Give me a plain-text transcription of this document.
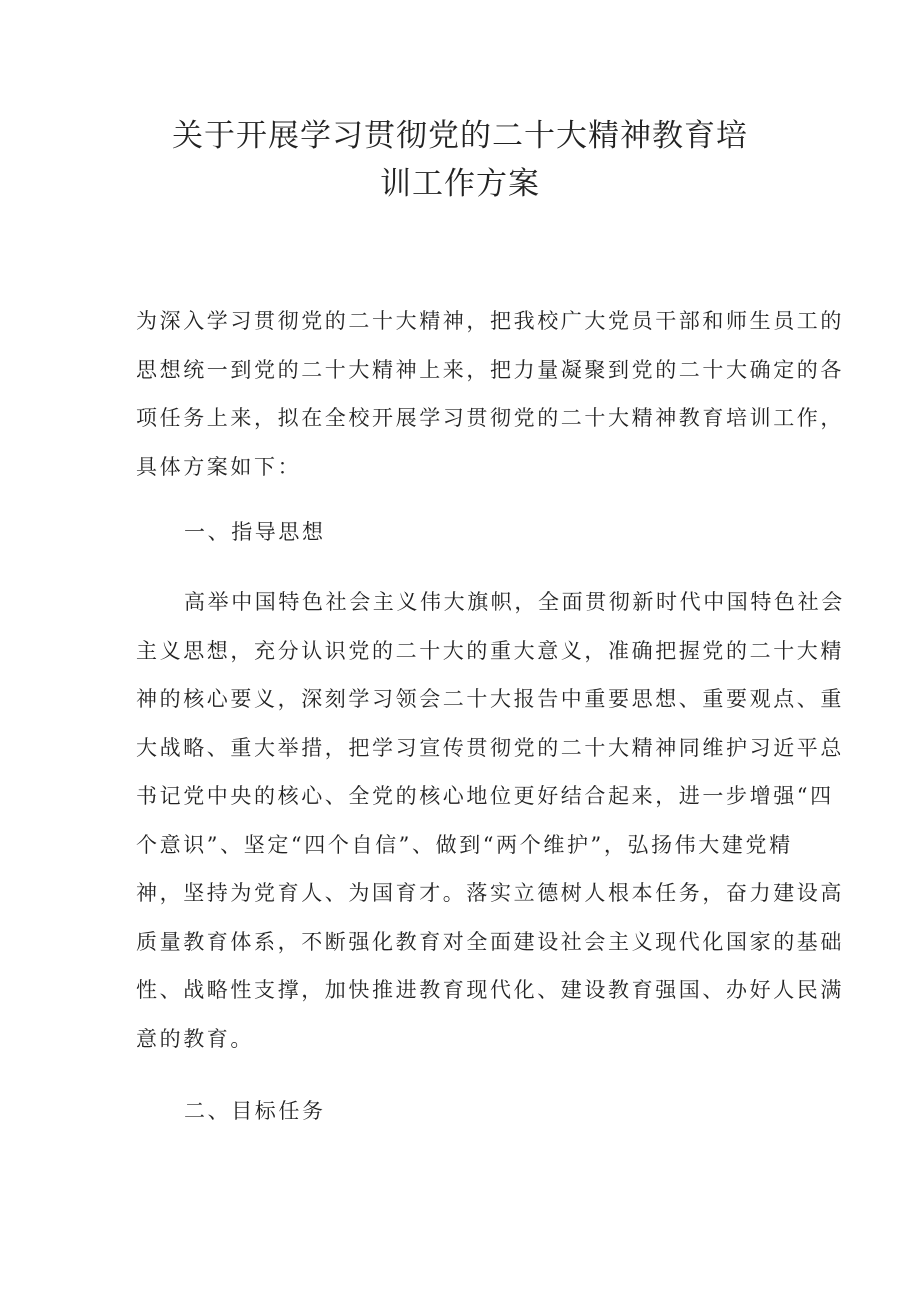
关于开展学习贯彻党的二十大精神教育培
训工作方案

为深入学习贯彻党的二十大精神，把我校广大党员干部和师生员工的
思想统一到党的二十大精神上来，把力量凝聚到党的二十大确定的各
项任务上来，拟在全校开展学习贯彻党的二十大精神教育培训工作，
具体方案如下：

一、指导思想

高举中国特色社会主义伟大旗帜，全面贯彻新时代中国特色社会
主义思想，充分认识党的二十大的重大意义，准确把握党的二十大精
神的核心要义，深刻学习领会二十大报告中重要思想、重要观点、重
大战略、重大举措，把学习宣传贯彻党的二十大精神同维护习近平总
书记党中央的核心、全党的核心地位更好结合起来，进一步增强“四
个意识”、坚定“四个自信”、做到“两个维护”，弘扬伟大建党精
神，坚持为党育人、为国育才。落实立德树人根本任务，奋力建设高
质量教育体系，不断强化教育对全面建设社会主义现代化国家的基础
性、战略性支撑，加快推进教育现代化、建设教育强国、办好人民满
意的教育。

二、目标任务
